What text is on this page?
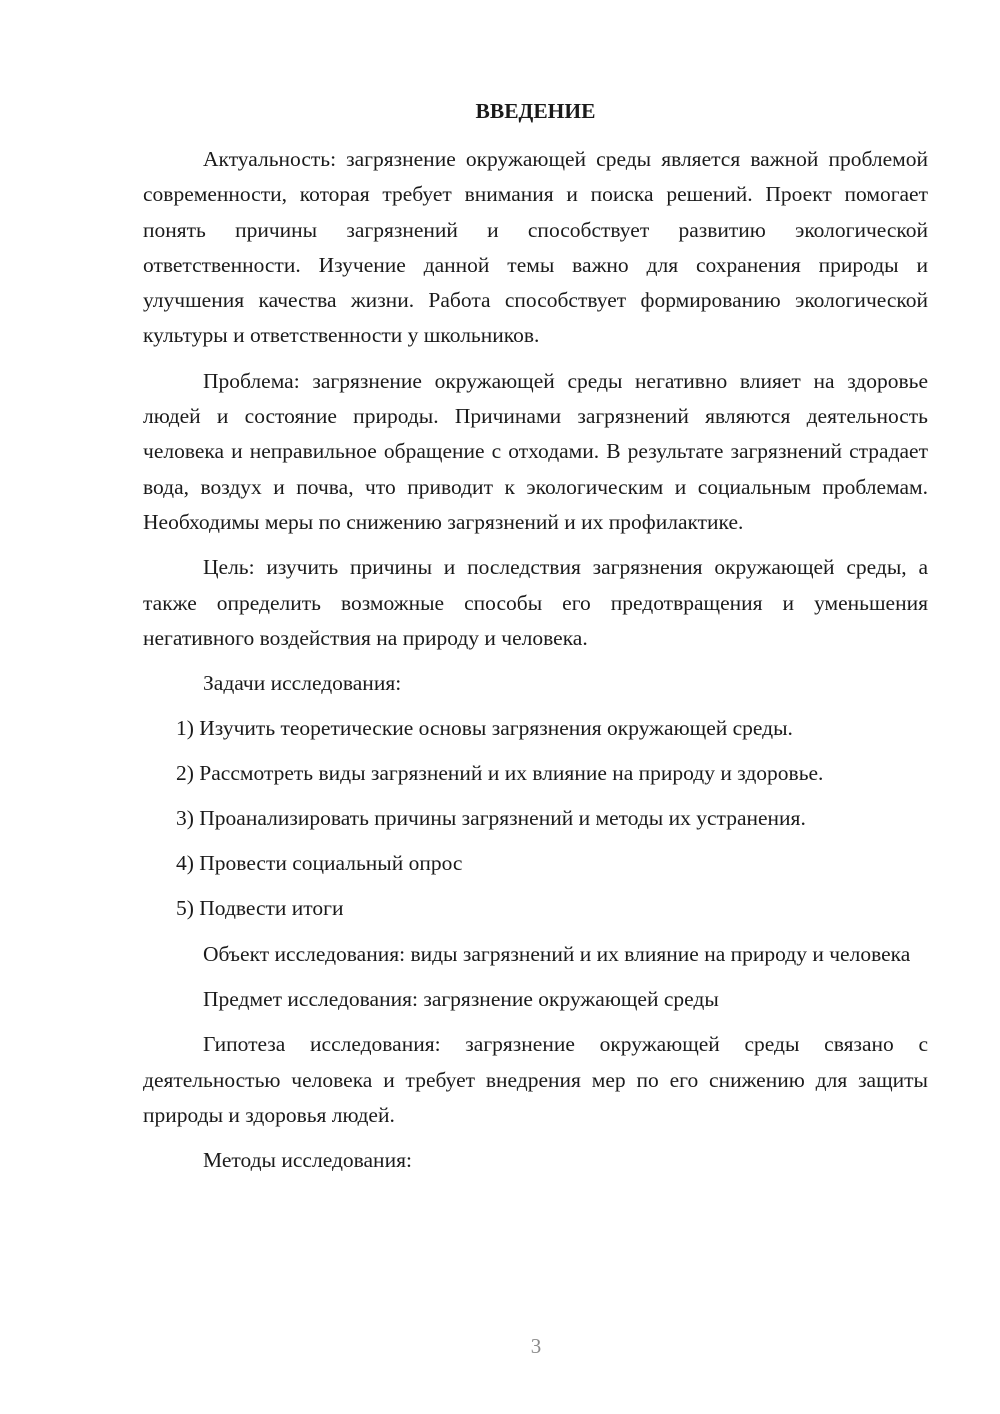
ВВЕДЕНИЕ

Актуальность: загрязнение окружающей среды является важной проблемой современности, которая требует внимания и поиска решений. Проект помогает понять причины загрязнений и способствует развитию экологической ответственности. Изучение данной темы важно для сохранения природы и улучшения качества жизни. Работа способствует формированию экологической культуры и ответственности у школьников.

Проблема: загрязнение окружающей среды негативно влияет на здоровье людей и состояние природы. Причинами загрязнений являются деятельность человека и неправильное обращение с отходами. В результате загрязнений страдает вода, воздух и почва, что приводит к экологическим и социальным проблемам. Необходимы меры по снижению загрязнений и их профилактике.

Цель: изучить причины и последствия загрязнения окружающей среды, а также определить возможные способы его предотвращения и уменьшения негативного воздействия на природу и человека.

Задачи исследования:
1) Изучить теоретические основы загрязнения окружающей среды.
2) Рассмотреть виды загрязнений и их влияние на природу и здоровье.
3) Проанализировать причины загрязнений и методы их устранения.
4) Провести социальный опрос
5) Подвести итоги

Объект исследования: виды загрязнений и их влияние на природу и человека

Предмет исследования: загрязнение окружающей среды

Гипотеза исследования: загрязнение окружающей среды связано с деятельностью человека и требует внедрения мер по его снижению для защиты природы и здоровья людей.

Методы исследования:
3
